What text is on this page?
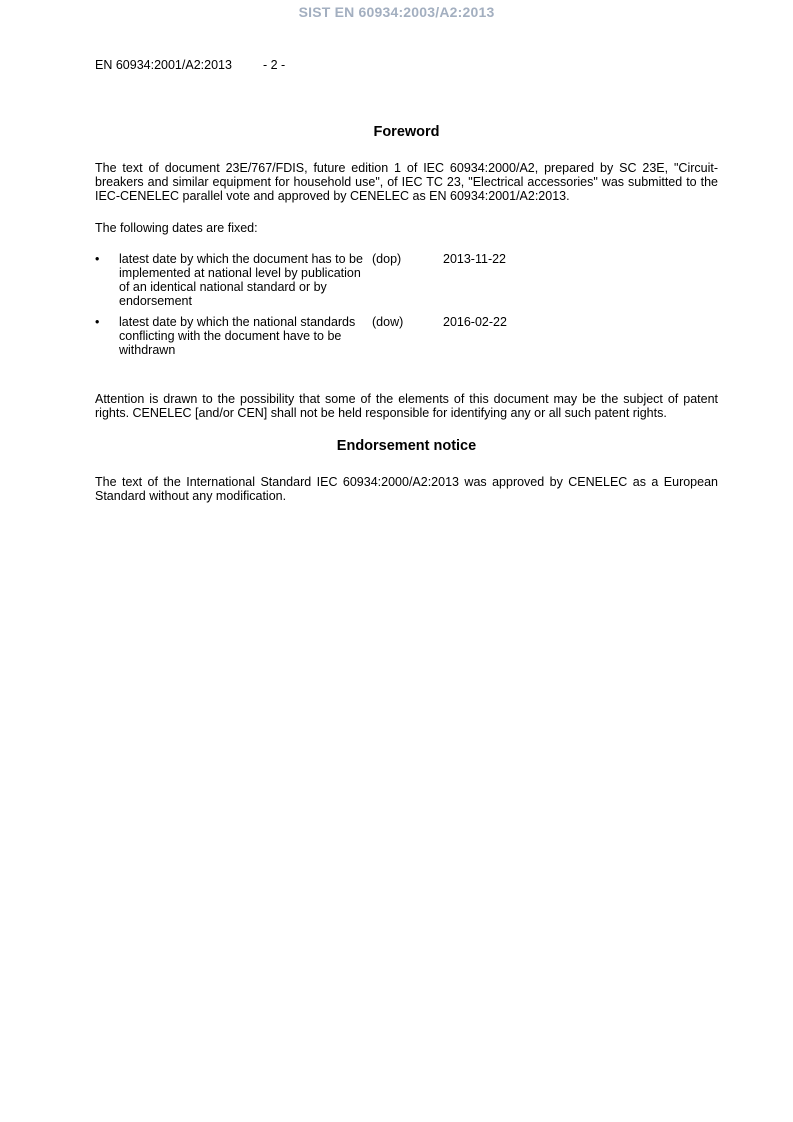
SIST EN 60934:2003/A2:2013
EN 60934:2001/A2:2013 - 2 -
Foreword

The text of document 23E/767/FDIS, future edition 1 of IEC 60934:2000/A2, prepared by SC 23E, "Circuit-breakers and similar equipment for household use", of IEC TC 23, "Electrical accessories" was submitted to the IEC-CENELEC parallel vote and approved by CENELEC as EN 60934:2001/A2:2013.

The following dates are fixed:

•
latest date by which the document has to be implemented at national level by publication of an identical national standard or by endorsement
(dop)	2013-11-22
•
latest date by which the national standards conflicting with the document have to be withdrawn
(dow)	2016-02-22

Attention is drawn to the possibility that some of the elements of this document may be the subject of patent rights. CENELEC [and/or CEN] shall not be held responsible for identifying any or all such patent rights.

Endorsement notice

The text of the International Standard IEC 60934:2000/A2:2013 was approved by CENELEC as a European Standard without any modification.
